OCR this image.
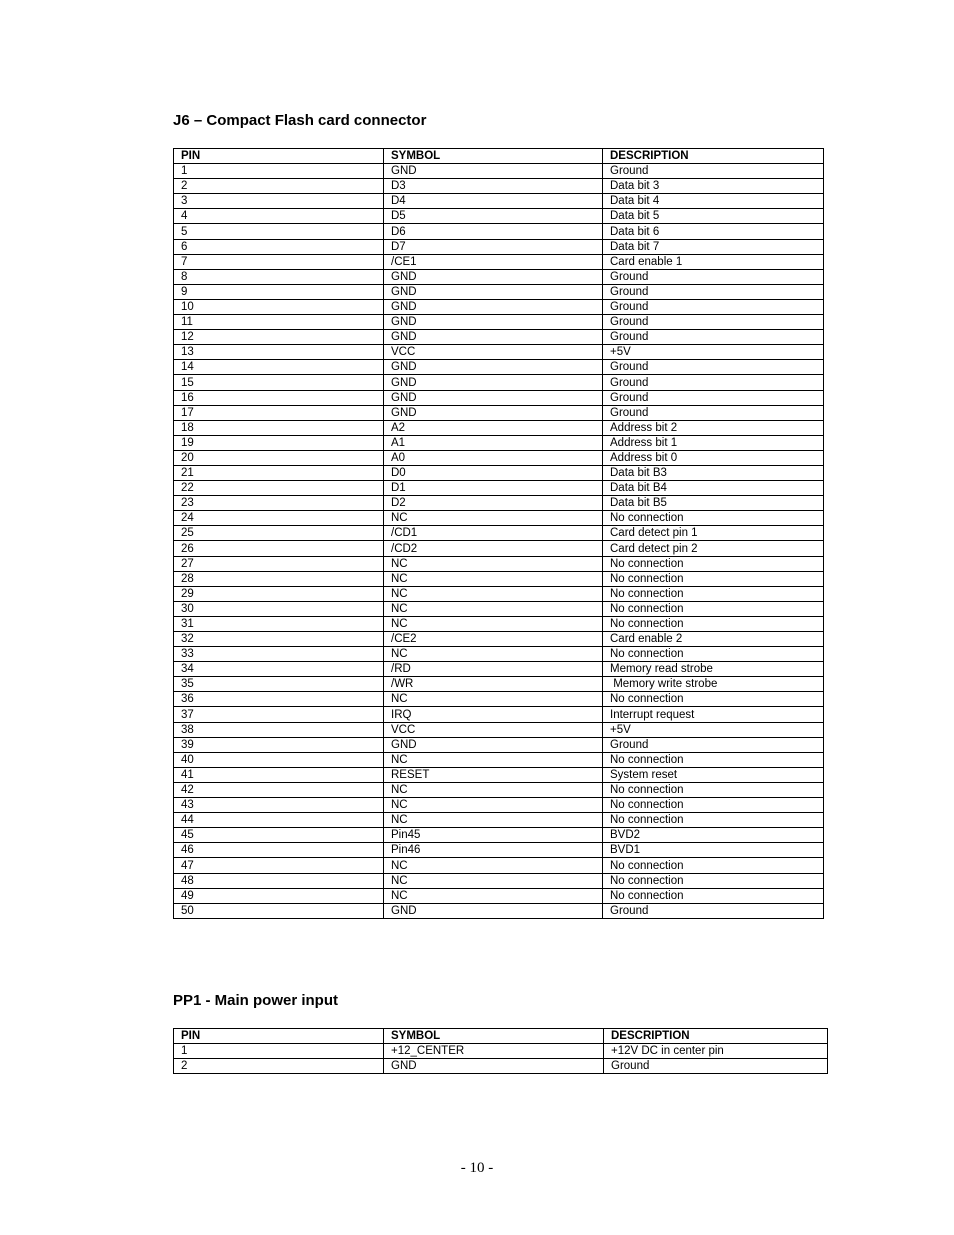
J6 – Compact Flash card connector
PIN	SYMBOL	DESCRIPTION
1	GND	Ground
2	D3	Data bit 3
3	D4	Data bit 4
4	D5	Data bit 5
5	D6	Data bit 6
6	D7	Data bit 7
7	/CE1	Card enable 1
8	GND	Ground
9	GND	Ground
10	GND	Ground
11	GND	Ground
12	GND	Ground
13	VCC	+5V
14	GND	Ground
15	GND	Ground
16	GND	Ground
17	GND	Ground
18	A2	Address bit 2
19	A1	Address bit 1
20	A0	Address bit 0
21	D0	Data bit B3
22	D1	Data bit B4
23	D2	Data bit B5
24	NC	No connection
25	/CD1	Card detect pin 1
26	/CD2	Card detect pin 2
27	NC	No connection
28	NC	No connection
29	NC	No connection
30	NC	No connection
31	NC	No connection
32	/CE2	Card enable 2
33	NC	No connection
34	/RD	Memory read strobe
35	/WR	Memory write strobe
36	NC	No connection
37	IRQ	Interrupt request
38	VCC	+5V
39	GND	Ground
40	NC	No connection
41	RESET	System reset
42	NC	No connection
43	NC	No connection
44	NC	No connection
45	Pin45	BVD2
46	Pin46	BVD1
47	NC	No connection
48	NC	No connection
49	NC	No connection
50	GND	Ground
PP1 - Main power input
PIN	SYMBOL	DESCRIPTION
1	+12_CENTER	+12V DC in center pin
2	GND	Ground
- 10 -
